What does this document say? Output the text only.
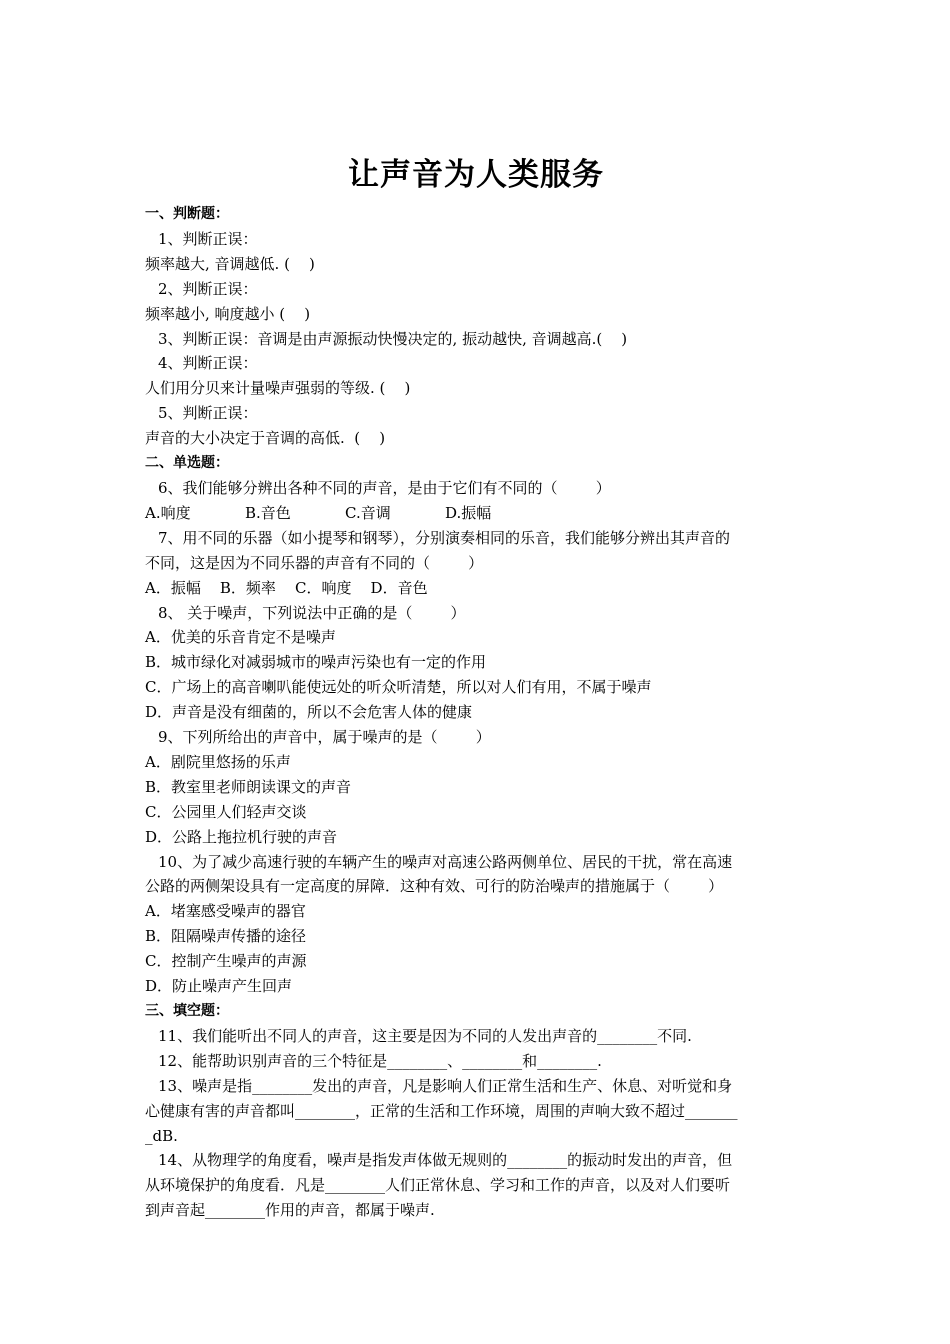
让声音为人类服务

一、判断题：

1、判断正误：

频率越大, 音调越低. (    )

2、判断正误：

频率越小, 响度越小 (    )

3、判断正误：音调是由声源振动快慢决定的, 振动越快, 音调越高.(    )

4、判断正误：

人们用分贝来计量噪声强弱的等级. (    )

5、判断正误：

声音的大小决定于音调的高低.  (    )

二、单选题：

6、我们能够分辨出各种不同的声音，是由于它们有不同的（        ）

A.响度	B.音色	C.音调	D.振幅

7、用不同的乐器（如小提琴和钢琴），分别演奏相同的乐音，我们能够分辨出其声音的

不同，这是因为不同乐器的声音有不同的（        ）

A．振幅    B．频率    C．响度    D．音色

8、 关于噪声，下列说法中正确的是（        ）

A．优美的乐音肯定不是噪声

B．城市绿化对减弱城市的噪声污染也有一定的作用

C．广场上的高音喇叭能使远处的听众听清楚，所以对人们有用，不属于噪声

D．声音是没有细菌的，所以不会危害人体的健康

9、下列所给出的声音中，属于噪声的是（        ）

A．剧院里悠扬的乐声

B．教室里老师朗读课文的声音

C．公园里人们轻声交谈

D．公路上拖拉机行驶的声音

10、为了减少高速行驶的车辆产生的噪声对高速公路两侧单位、居民的干扰，常在高速

公路的两侧架设具有一定高度的屏障．这种有效、可行的防治噪声的措施属于（        ）

A．堵塞感受噪声的器官

B．阻隔噪声传播的途径

C．控制产生噪声的声源

D．防止噪声产生回声

三、填空题：

11、我们能听出不同人的声音，这主要是因为不同的人发出声音的________不同.

12、能帮助识别声音的三个特征是________、________和________.

13、噪声是指________发出的声音，凡是影响人们正常生活和生产、休息、对听觉和身

心健康有害的声音都叫________，正常的生活和工作环境，周围的声响大致不超过_______

_dB.

14、从物理学的角度看，噪声是指发声体做无规则的________的振动时发出的声音，但

从环境保护的角度看．凡是________人们正常休息、学习和工作的声音，以及对人们要听

到声音起________作用的声音，都属于噪声.
